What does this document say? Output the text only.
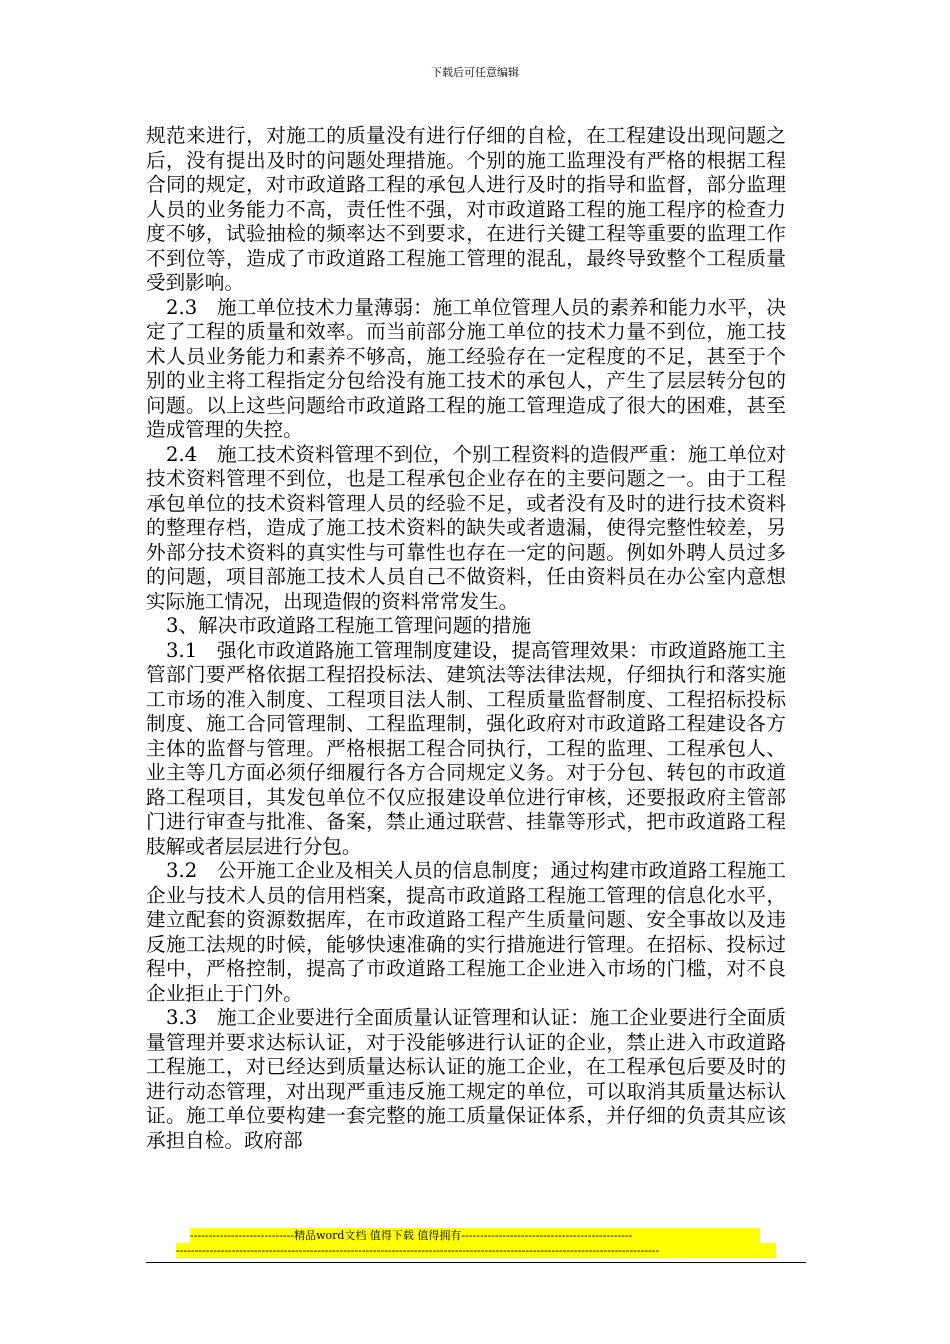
下载后可任意编辑

规范来进行，对施工的质量没有进行仔细的自检，在工程建设出现问题之后，没有提出及时的问题处理措施。个别的施工监理没有严格的根据工程合同的规定，对市政道路工程的承包人进行及时的指导和监督，部分监理人员的业务能力不高，责任性不强，对市政道路工程的施工程序的检查力度不够，试验抽检的频率达不到要求，在进行关键工程等重要的监理工作不到位等，造成了市政道路工程施工管理的混乱，最终导致整个工程质量受到影响。

2.3　施工单位技术力量薄弱：施工单位管理人员的素养和能力水平，决定了工程的质量和效率。而当前部分施工单位的技术力量不到位，施工技术人员业务能力和素养不够高，施工经验存在一定程度的不足，甚至于个别的业主将工程指定分包给没有施工技术的承包人，产生了层层转分包的问题。以上这些问题给市政道路工程的施工管理造成了很大的困难，甚至造成管理的失控。

2.4　施工技术资料管理不到位，个别工程资料的造假严重：施工单位对技术资料管理不到位，也是工程承包企业存在的主要问题之一。由于工程承包单位的技术资料管理人员的经验不足，或者没有及时的进行技术资料的整理存档，造成了施工技术资料的缺失或者遗漏，使得完整性较差，另外部分技术资料的真实性与可靠性也存在一定的问题。例如外聘人员过多的问题，项目部施工技术人员自己不做资料，任由资料员在办公室内意想实际施工情况，出现造假的资料常常发生。

3、解决市政道路工程施工管理问题的措施

3.1　强化市政道路施工管理制度建设，提高管理效果：市政道路施工主管部门要严格依据工程招投标法、建筑法等法律法规，仔细执行和落实施工市场的准入制度、工程项目法人制、工程质量监督制度、工程招标投标制度、施工合同管理制、工程监理制，强化政府对市政道路工程建设各方主体的监督与管理。严格根据工程合同执行，工程的监理、工程承包人、业主等几方面必须仔细履行各方合同规定义务。对于分包、转包的市政道路工程项目，其发包单位不仅应报建设单位进行审核，还要报政府主管部门进行审查与批准、备案，禁止通过联营、挂靠等形式，把市政道路工程肢解或者层层进行分包。

3.2　公开施工企业及相关人员的信息制度；通过构建市政道路工程施工企业与技术人员的信用档案，提高市政道路工程施工管理的信息化水平，建立配套的资源数据库，在市政道路工程产生质量问题、安全事故以及违反施工法规的时候，能够快速准确的实行措施进行管理。在招标、投标过程中，严格控制，提高了市政道路工程施工企业进入市场的门槛，对不良企业拒止于门外。

3.3　施工企业要进行全面质量认证管理和认证：施工企业要进行全面质量管理并要求达标认证，对于没能够进行认证的企业，禁止进入市政道路工程施工，对已经达到质量达标认证的施工企业，在工程承包后要及时的进行动态管理，对出现严重违反施工规定的单位，可以取消其质量达标认证。施工单位要构建一套完整的施工质量保证体系，并仔细的负责其应该承担自检。政府部

----------------------------精品word文档 值得下载 值得拥有----------------------------------------------
----------------------------------------------------------------------------------------------------------------------------------
